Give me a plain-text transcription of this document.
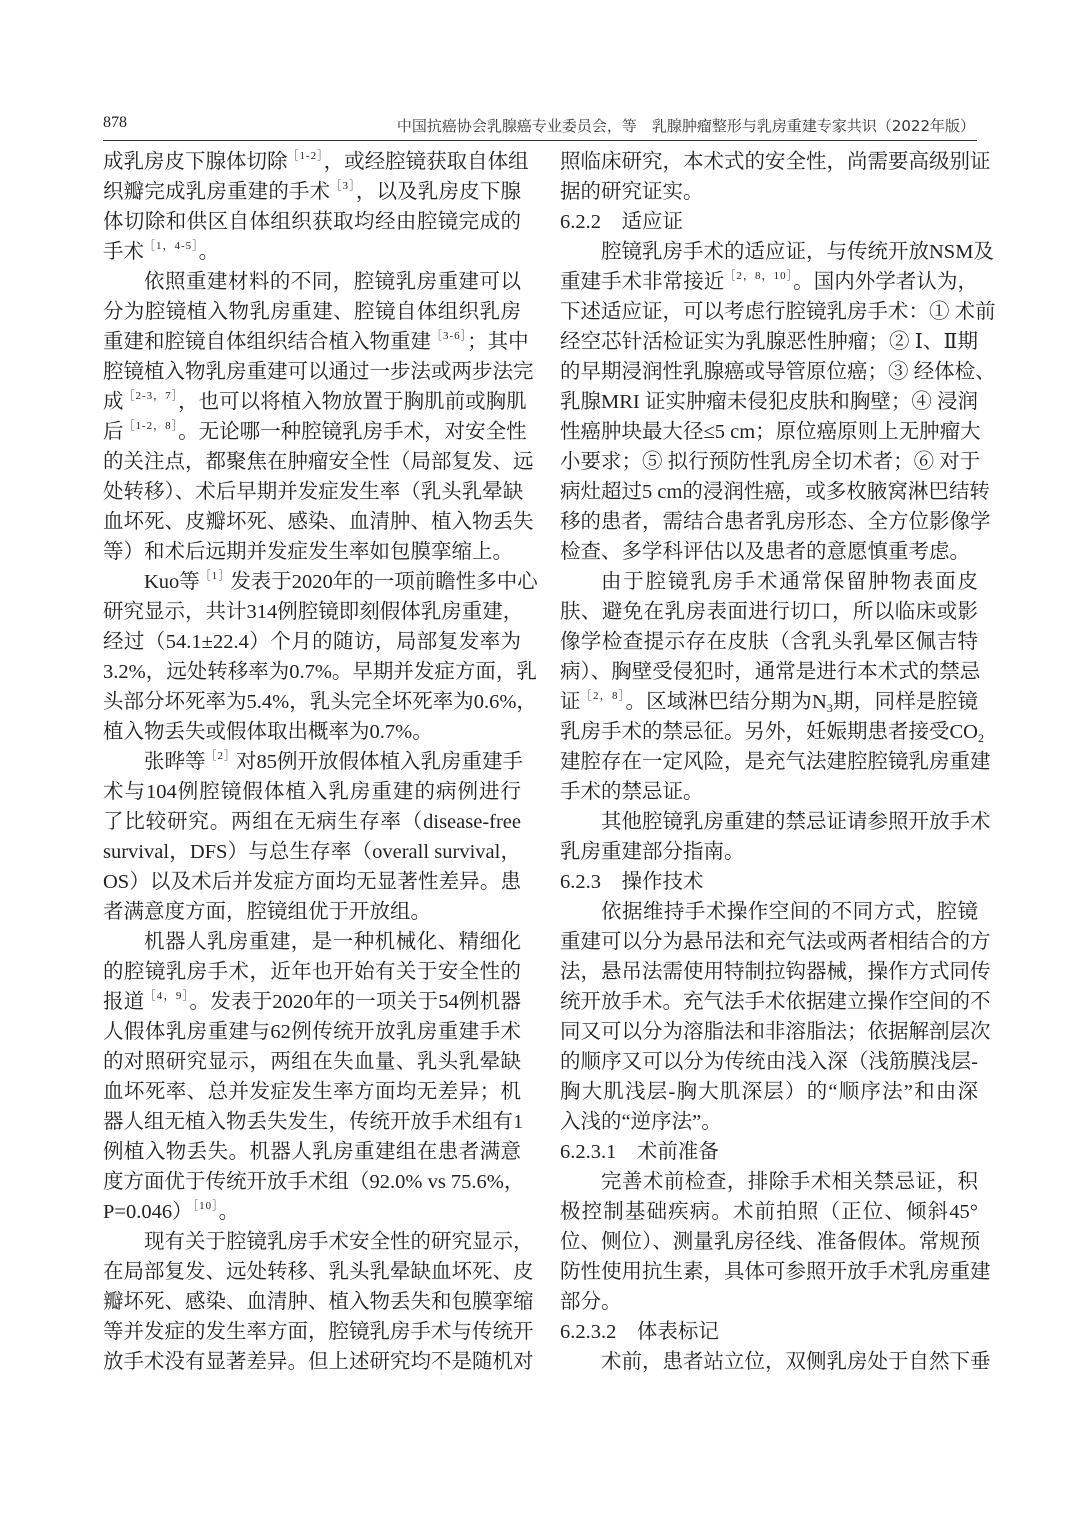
878	中国抗癌协会乳腺癌专业委员会，等　乳腺肿瘤整形与乳房重建专家共识（2022年版）
成乳房皮下腺体切除$^{[1-2]}$，或经腔镜获取自体组
织瓣完成乳房重建的手术$^{[3]}$，以及乳房皮下腺
体切除和供区自体组织获取均经由腔镜完成的
手术$^{[1,4-5]}$。
依照重建材料的不同，腔镜乳房重建可以
分为腔镜植入物乳房重建、腔镜自体组织乳房
重建和腔镜自体组织结合植入物重建$^{[3-6]}$；其中
腔镜植入物乳房重建可以通过一步法或两步法完
成$^{[2-3,7]}$，也可以将植入物放置于胸肌前或胸肌
后$^{[1-2,8]}$。无论哪一种腔镜乳房手术，对安全性
的关注点，都聚焦在肿瘤安全性（局部复发、远
处转移）、术后早期并发症发生率（乳头乳晕缺
血坏死、皮瓣坏死、感染、血清肿、植入物丢失
等）和术后远期并发症发生率如包膜挛缩上。
Kuo等$^{[1]}$发表于2020年的一项前瞻性多中心
研究显示，共计314例腔镜即刻假体乳房重建，
经过（54.1±22.4）个月的随访，局部复发率为
3.2%，远处转移率为0.7%。早期并发症方面，乳
头部分坏死率为5.4%，乳头完全坏死率为0.6%，
植入物丢失或假体取出概率为0.7%。
张晔等$^{[2]}$对85例开放假体植入乳房重建手
术与104例腔镜假体植入乳房重建的病例进行
了比较研究。两组在无病生存率（disease-free
survival，DFS）与总生存率（overall survival，
OS）以及术后并发症方面均无显著性差异。患
者满意度方面，腔镜组优于开放组。
机器人乳房重建，是一种机械化、精细化
的腔镜乳房手术，近年也开始有关于安全性的
报道$^{[4,9]}$。发表于2020年的一项关于54例机器
人假体乳房重建与62例传统开放乳房重建手术
的对照研究显示，两组在失血量、乳头乳晕缺
血坏死率、总并发症发生率方面均无差异；机
器人组无植入物丢失发生，传统开放手术组有1
例植入物丢失。机器人乳房重建组在患者满意
度方面优于传统开放手术组（92.0% vs 75.6%，
P=0.046）$^{[10]}$。
现有关于腔镜乳房手术安全性的研究显示，
在局部复发、远处转移、乳头乳晕缺血坏死、皮
瓣坏死、感染、血清肿、植入物丢失和包膜挛缩
等并发症的发生率方面，腔镜乳房手术与传统开
放手术没有显著差异。但上述研究均不是随机对
照临床研究，本术式的安全性，尚需要高级别证
据的研究证实。
6.2.2　适应证
腔镜乳房手术的适应证，与传统开放NSM及
重建手术非常接近$^{[2,8,10]}$。国内外学者认为，
下述适应证，可以考虑行腔镜乳房手术：① 术前
经空芯针活检证实为乳腺恶性肿瘤；② Ⅰ、Ⅱ期
的早期浸润性乳腺癌或导管原位癌；③ 经体检、
乳腺MRI 证实肿瘤未侵犯皮肤和胸壁；④ 浸润
性癌肿块最大径≤5 cm；原位癌原则上无肿瘤大
小要求；⑤ 拟行预防性乳房全切术者；⑥ 对于
病灶超过5 cm的浸润性癌，或多枚腋窝淋巴结转
移的患者，需结合患者乳房形态、全方位影像学
检查、多学科评估以及患者的意愿慎重考虑。
由于腔镜乳房手术通常保留肿物表面皮
肤、避免在乳房表面进行切口，所以临床或影
像学检查提示存在皮肤（含乳头乳晕区佩吉特
病）、胸壁受侵犯时，通常是进行本术式的禁忌
证$^{[2,8]}$。区域淋巴结分期为$N_3$期，同样是腔镜
乳房手术的禁忌征。另外，妊娠期患者接受$CO_2$
建腔存在一定风险，是充气法建腔腔镜乳房重建
手术的禁忌证。
其他腔镜乳房重建的禁忌证请参照开放手术
乳房重建部分指南。
6.2.3　操作技术
依据维持手术操作空间的不同方式，腔镜
重建可以分为悬吊法和充气法或两者相结合的方
法，悬吊法需使用特制拉钩器械，操作方式同传
统开放手术。充气法手术依据建立操作空间的不
同又可以分为溶脂法和非溶脂法；依据解剖层次
的顺序又可以分为传统由浅入深（浅筋膜浅层-
胸大肌浅层-胸大肌深层）的“顺序法”和由深
入浅的“逆序法”。
6.2.3.1　术前准备
完善术前检查，排除手术相关禁忌证，积
极控制基础疾病。术前拍照（正位、倾斜45°
位、侧位）、测量乳房径线、准备假体。常规预
防性使用抗生素，具体可参照开放手术乳房重建
部分。
6.2.3.2　体表标记
术前，患者站立位，双侧乳房处于自然下垂
